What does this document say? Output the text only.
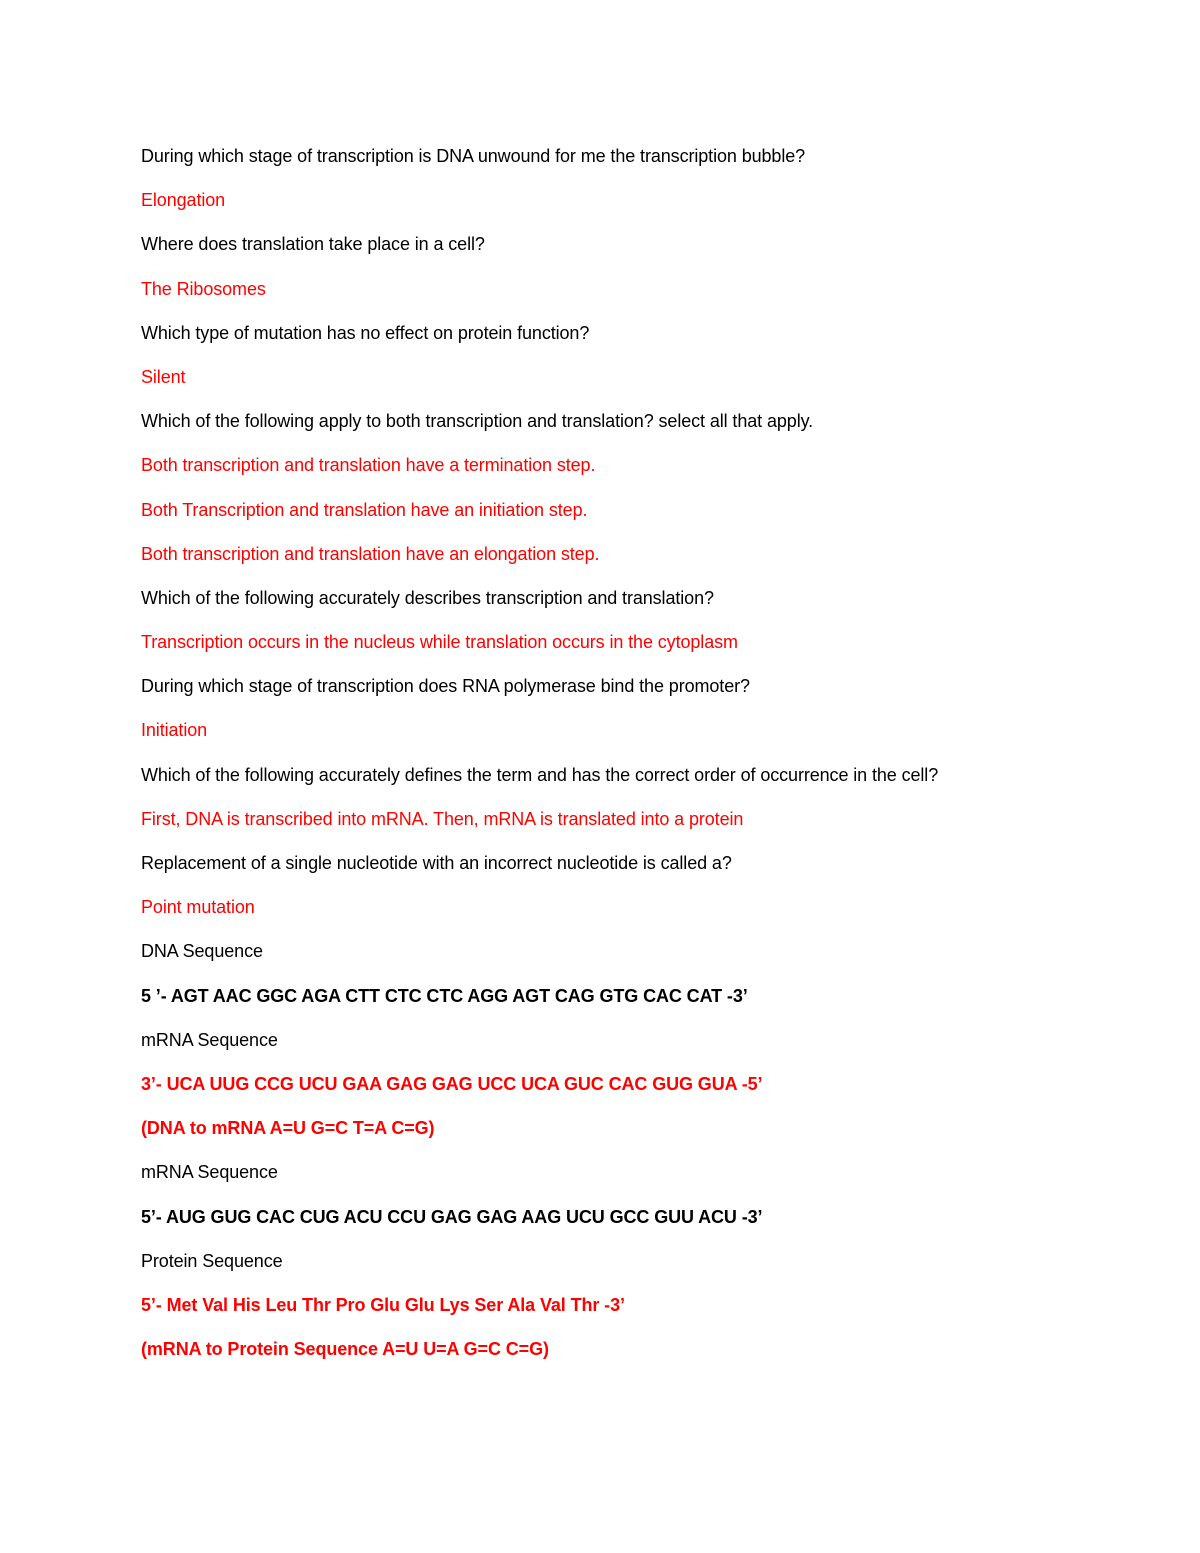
During which stage of transcription is DNA unwound for me the transcription bubble?
Elongation
Where does translation take place in a cell?
The Ribosomes
Which type of mutation has no effect on protein function?
Silent
Which of the following apply to both transcription and translation? select all that apply.
Both transcription and translation have a termination step.
Both Transcription and translation have an initiation step.
Both transcription and translation have an elongation step.
Which of the following accurately describes transcription and translation?
Transcription occurs in the nucleus while translation occurs in the cytoplasm
During which stage of transcription does RNA polymerase bind the promoter?
Initiation
Which of the following accurately defines the term and has the correct order of occurrence in the cell?
First, DNA is transcribed into mRNA. Then, mRNA is translated into a protein
Replacement of a single nucleotide with an incorrect nucleotide is called a?
Point mutation
DNA Sequence
5 ’- AGT AAC GGC AGA CTT CTC CTC AGG AGT CAG GTG CAC CAT -3’
mRNA Sequence
3’- UCA UUG CCG UCU GAA GAG GAG UCC UCA GUC CAC GUG GUA -5’
(DNA to mRNA A=U G=C T=A C=G)
mRNA Sequence
5’- AUG GUG CAC CUG ACU CCU GAG GAG AAG UCU GCC GUU ACU -3’
Protein Sequence
5’- Met Val His Leu Thr Pro Glu Glu Lys Ser Ala Val Thr -3’
(mRNA to Protein Sequence A=U U=A G=C C=G)
